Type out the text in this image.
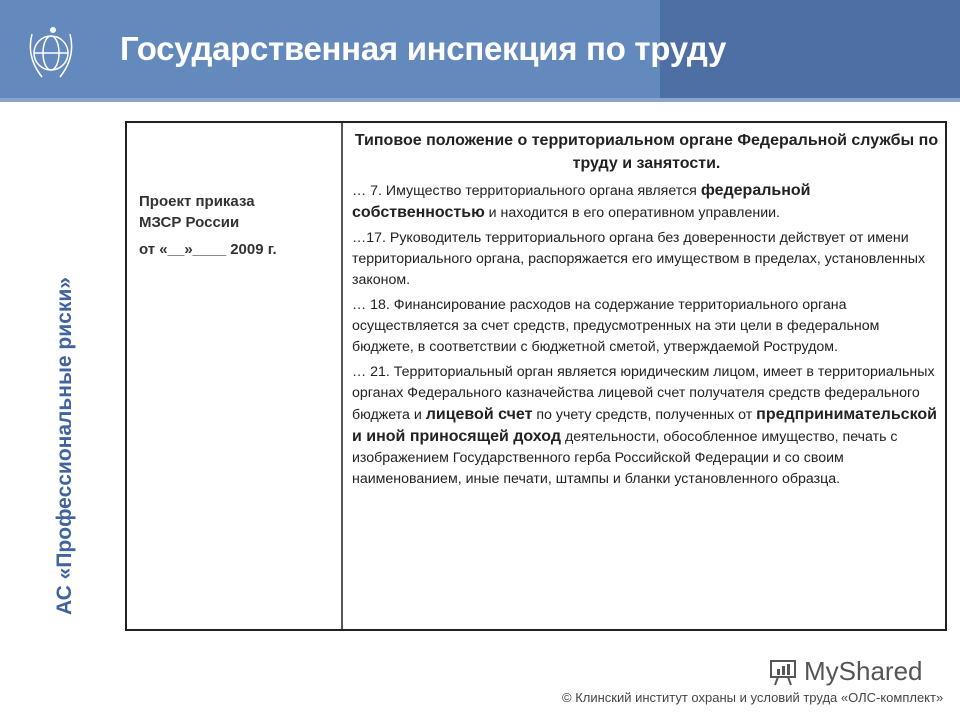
Государственная инспекция по труду
АС «Профессиональные риски»
Проект приказа
МЗСР России
от «__»____ 2009 г.
Типовое положение о территориальном органе Федеральной службы по труду и занятости.

… 7. Имущество территориального органа является федеральной собственностью и находится в его оперативном управлении.

…17. Руководитель территориального органа без доверенности действует от имени территориального органа, распоряжается его имуществом в пределах, установленных законом.

… 18. Финансирование расходов на содержание территориального органа осуществляется за счет средств, предусмотренных на эти цели в федеральном бюджете, в соответствии с бюджетной сметой, утверждаемой Рострудом.

… 21. Территориальный орган является юридическим лицом, имеет в территориальных органах Федерального казначейства лицевой счет получателя средств федерального бюджета и лицевой счет по учету средств, полученных от предпринимательской и иной приносящей доход деятельности, обособленное имущество, печать с изображением Государственного герба Российской Федерации и со своим наименованием, иные печати, штампы и бланки установленного образца.

MyShared
© Клинский институт охраны и условий труда «ОЛС-комплект»
